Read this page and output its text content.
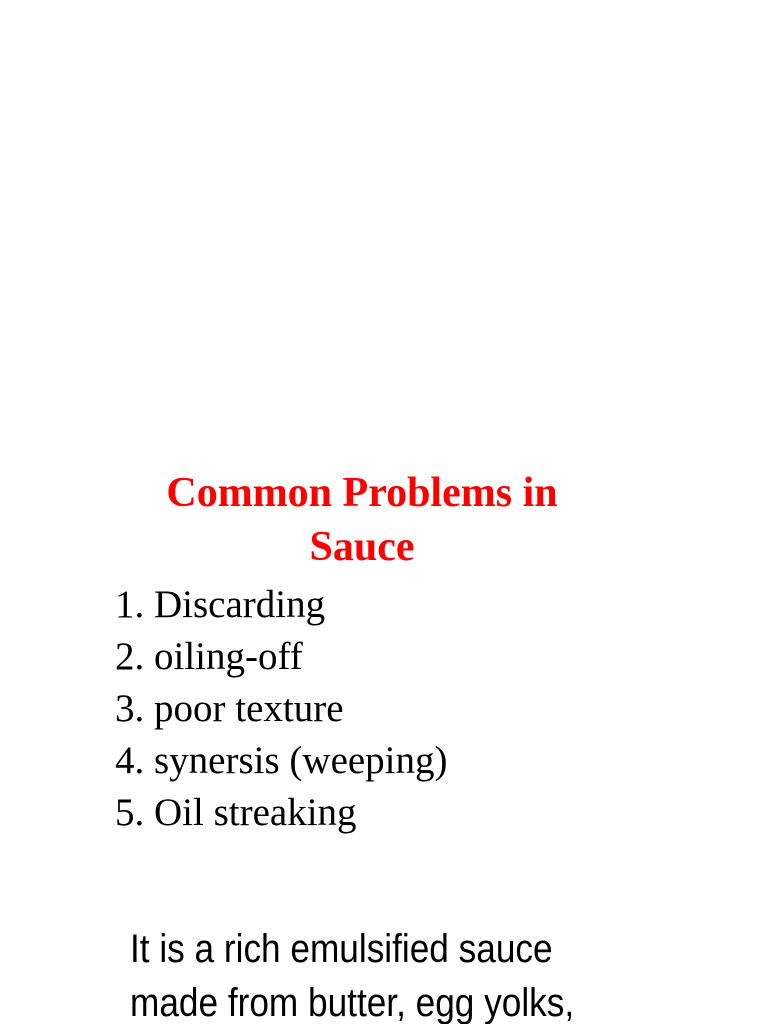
Common Problems in
Sauce
1. Discarding
2. oiling-off
3. poor texture
4. synersis (weeping)
5. Oil streaking
It is a rich emulsified sauce
made from butter, egg yolks,
